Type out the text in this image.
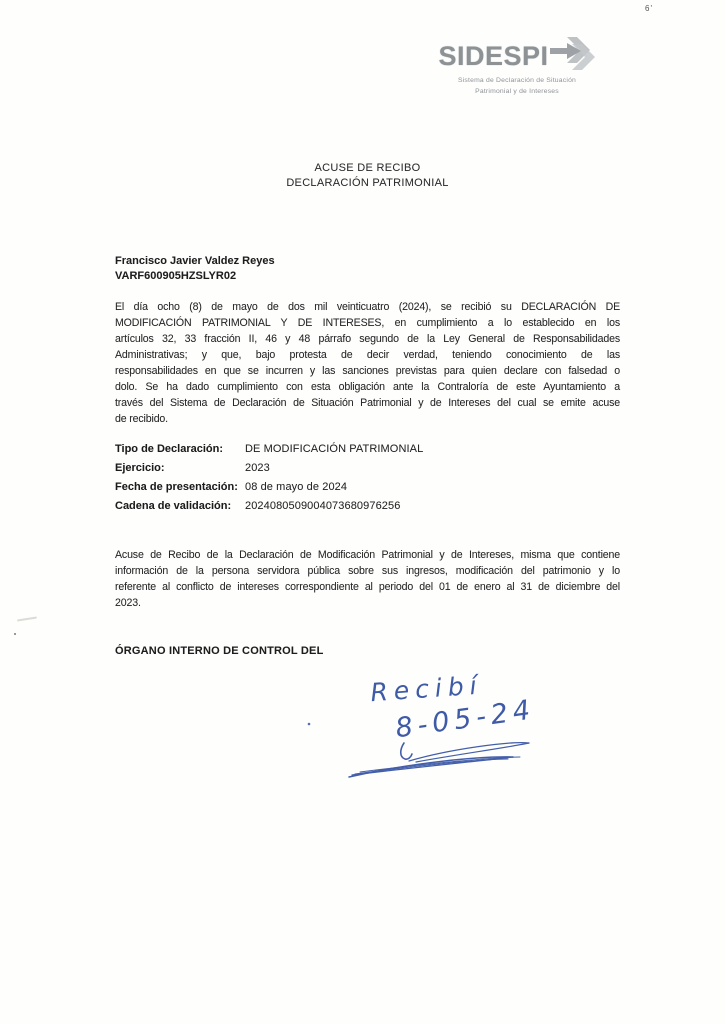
6'
SIDESPI
Sistema de Declaración de Situación
Patrimonial y de Intereses
ACUSE DE RECIBO
DECLARACIÓN PATRIMONIAL
Francisco Javier Valdez Reyes
VARF600905HZSLYR02
El día ocho (8) de mayo de dos mil veinticuatro (2024), se recibió su DECLARACIÓN DE
MODIFICACIÓN PATRIMONIAL Y DE INTERESES, en cumplimiento a lo establecido en los
artículos 32, 33 fracción II, 46 y 48 párrafo segundo de la Ley General de Responsabilidades
Administrativas; y que, bajo protesta de decir verdad, teniendo conocimiento de las
responsabilidades en que se incurren y las sanciones previstas para quien declare con falsedad o
dolo. Se ha dado cumplimiento con esta obligación ante la Contraloría de este Ayuntamiento a
través del Sistema de Declaración de Situación Patrimonial y de Intereses del cual se emite acuse
de recibido.
Tipo de Declaración:	DE MODIFICACIÓN PATRIMONIAL
Ejercicio:	2023
Fecha de presentación: 08 de mayo de 2024
Cadena de validación:	2024080509004073680976256
Acuse de Recibo de la Declaración de Modificación Patrimonial y de Intereses, misma que contiene
información de la persona servidora pública sobre sus ingresos, modificación del patrimonio y lo
referente al conflicto de intereses correspondiente al periodo del 01 de enero al 31 de diciembre del
2023.
ÓRGANO INTERNO DE CONTROL DEL
Recibí
8-05-24
